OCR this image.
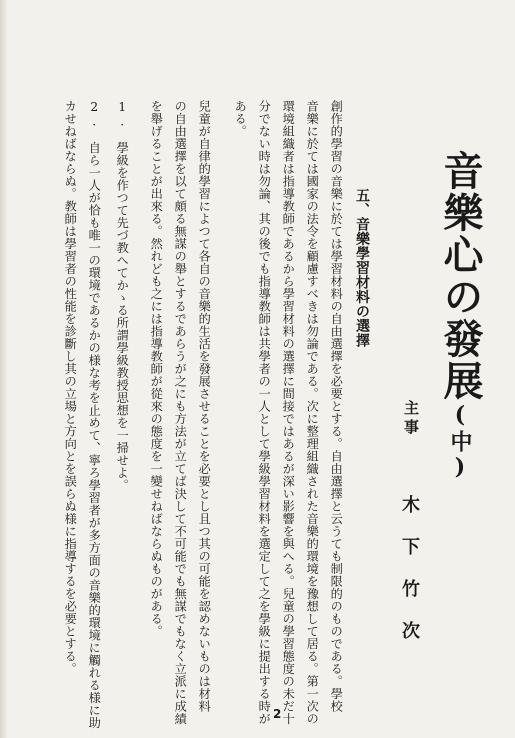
音樂心の發展(中)
主事
木下竹次
五、音樂學習材料の選擇
創作的學習の音樂に於ては學習材料の自由選擇を必要とする。自由選擇と云うても制限的のものである。學校
音樂に於ては國家の法令を顧慮すべきは勿論である。次に整理組織された音樂的環境を豫想して居る。第一次の
環境組織者は指導教師であるから學習材料の選擇に間接ではあるが深い影響を與へる。兒童の學習態度の未だ十
分でない時は勿論、其の後でも指導教師は共學者の一人として學級學習材料を選定して之を學級に提出する時が
ある。
兒童が自律的學習によつて各自の音樂的生活を發展させることを必要とし且つ其の可能を認めないものは材料
の自由選擇を以て頗る無謀の舉とするであらうが之にも方法が立てば決して不可能でも無謀でもなく立派に成績
を舉げることが出來る。然れども之には指導教師が從來の態度を一變せねばならぬものがある。
1.　學級を作つて先づ教へてかゝる所謂學級教授思想を一掃せよ。
2.　自ら一人が恰も唯一の環境であるかの様な考を止めて、寧ろ學習者が多方面の音樂的環境に觸れる様に助
カせねばならぬ。教師は學習者の性能を診斷し其の立場と方向とを誤らぬ様に指導するを必要とする。
2
